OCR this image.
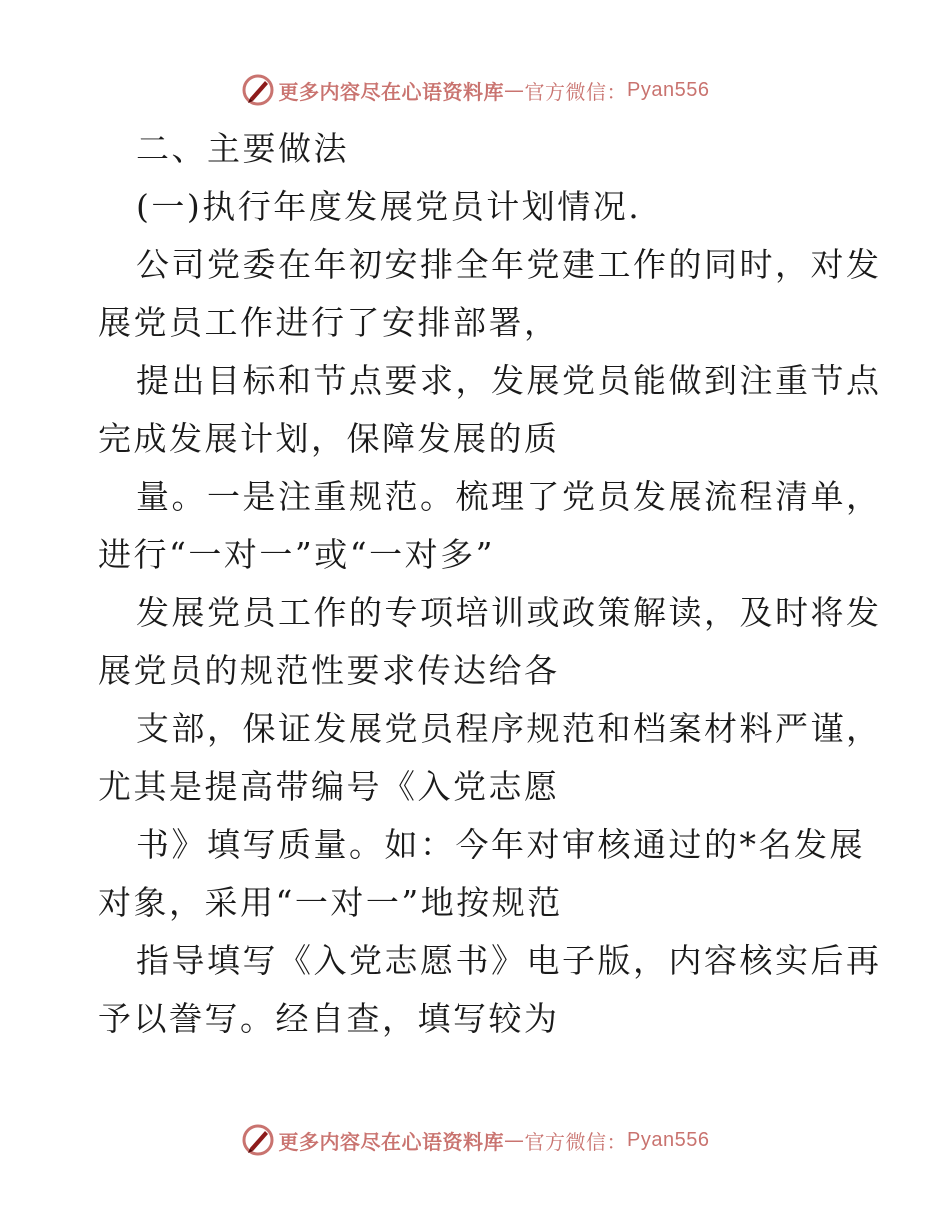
更多内容尽在心语资料库 — 官方微信： Pyan556
二、主要做法
(一)执行年度发展党员计划情况.
公司党委在年初安排全年党建工作的同时，对发
展党员工作进行了安排部署，
提出目标和节点要求，发展党员能做到注重节点
完成发展计划，保障发展的质
量。一是注重规范。梳理了党员发展流程清单，
进行“一对一”或“一对多”
发展党员工作的专项培训或政策解读，及时将发
展党员的规范性要求传达给各
支部，保证发展党员程序规范和档案材料严谨，
尤其是提高带编号《入党志愿
书》填写质量。如：今年对审核通过的*名发展
对象，采用“一对一”地按规范
指导填写《入党志愿书》电子版，内容核实后再
予以誊写。经自查，填写较为
更多内容尽在心语资料库 — 官方微信： Pyan556
